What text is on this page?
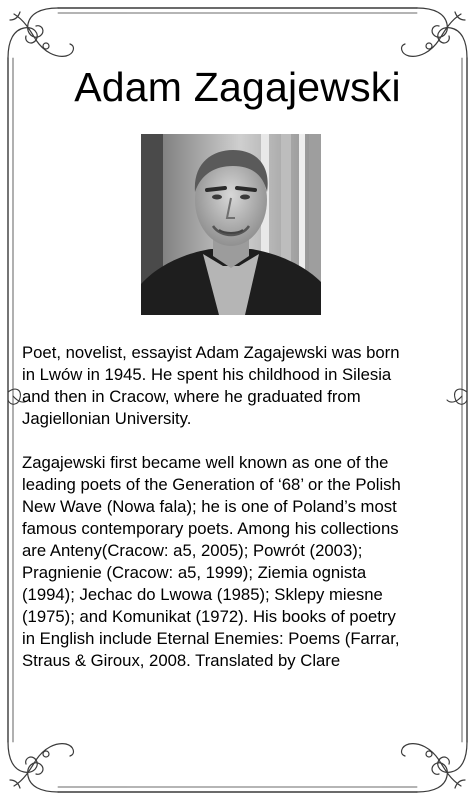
Adam Zagajewski

Poet, novelist, essayist Adam Zagajewski was born

in Lwów in 1945. He spent his childhood in Silesia

and then in Cracow, where he graduated from

Jagiellonian University.

Zagajewski first became well known as one of the

leading poets of the Generation of ‘68’ or the Polish

New Wave (Nowa fala); he is one of Poland’s most

famous contemporary poets. Among his collections

are Anteny(Cracow: a5, 2005); Powrót (2003);

Pragnienie (Cracow: a5, 1999); Ziemia ognista

(1994); Jechac do Lwowa (1985); Sklepy miesne

(1975); and Komunikat (1972). His books of poetry

in English include Eternal Enemies: Poems (Farrar,

Straus & Giroux, 2008. Translated by Clare
